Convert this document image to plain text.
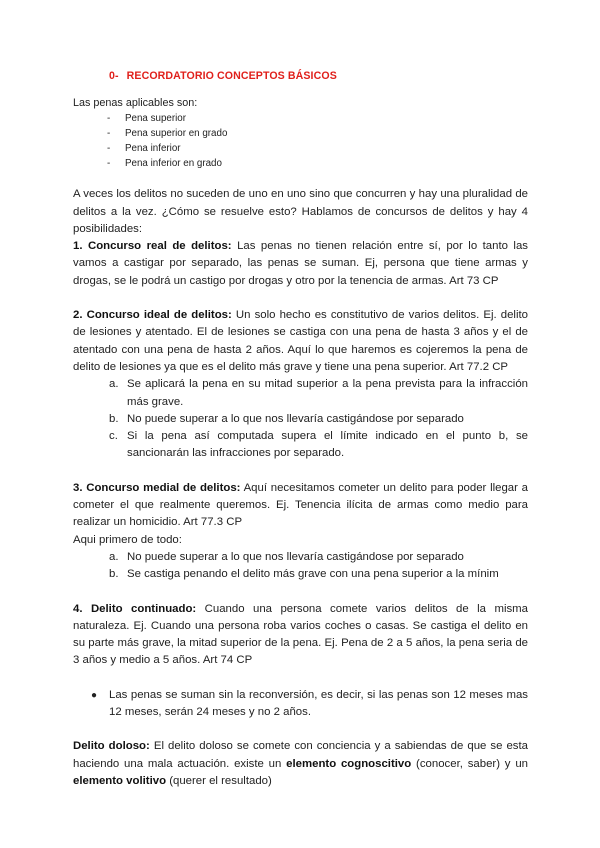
0- RECORDATORIO CONCEPTOS BÁSICOS
Las penas aplicables son:
- Pena superior
- Pena superior en grado
- Pena inferior
- Pena inferior en grado

A veces los delitos no suceden de uno en uno sino que concurren y hay una pluralidad de delitos a la vez. ¿Cómo se resuelve esto? Hablamos de concursos de delitos y hay 4 posibilidades:

1. Concurso real de delitos: Las penas no tienen relación entre sí, por lo tanto las vamos a castigar por separado, las penas se suman. Ej, persona que tiene armas y drogas, se le podrá un castigo por drogas y otro por la tenencia de armas. Art 73 CP

2. Concurso ideal de delitos: Un solo hecho es constitutivo de varios delitos. Ej. delito de lesiones y atentado. El de lesiones se castiga con una pena de hasta 3 años y el de atentado con una pena de hasta 2 años. Aquí lo que haremos es cojeremos la pena de delito de lesiones ya que es el delito más grave y tiene una pena superior. Art 77.2 CP

a. Se aplicará la pena en su mitad superior a la pena prevista para la infracción más grave.
b. No puede superar a lo que nos llevaría castigándose por separado
c. Si la pena así computada supera el límite indicado en el punto b, se sancionarán las infracciones por separado.

3. Concurso medial de delitos: Aquí necesitamos cometer un delito para poder llegar a cometer el que realmente queremos. Ej. Tenencia ilícita de armas como medio para realizar un homicidio. Art 77.3 CP

Aqui primero de todo:

a. No puede superar a lo que nos llevaría castigándose por separado
b. Se castiga penando el delito más grave con una pena superior a la mínim

4. Delito continuado: Cuando una persona comete varios delitos de la misma naturaleza. Ej. Cuando una persona roba varios coches o casas. Se castiga el delito en su parte más grave, la mitad superior de la pena. Ej. Pena de 2 a 5 años, la pena seria de 3 años y medio a 5 años. Art 74 CP

● Las penas se suman sin la reconversión, es decir, si las penas son 12 meses mas 12 meses, serán 24 meses y no 2 años.

Delito doloso: El delito doloso se comete con conciencia y a sabiendas de que se esta haciendo una mala actuación. existe un elemento cognoscitivo (conocer, saber) y un elemento volitivo (querer el resultado)
